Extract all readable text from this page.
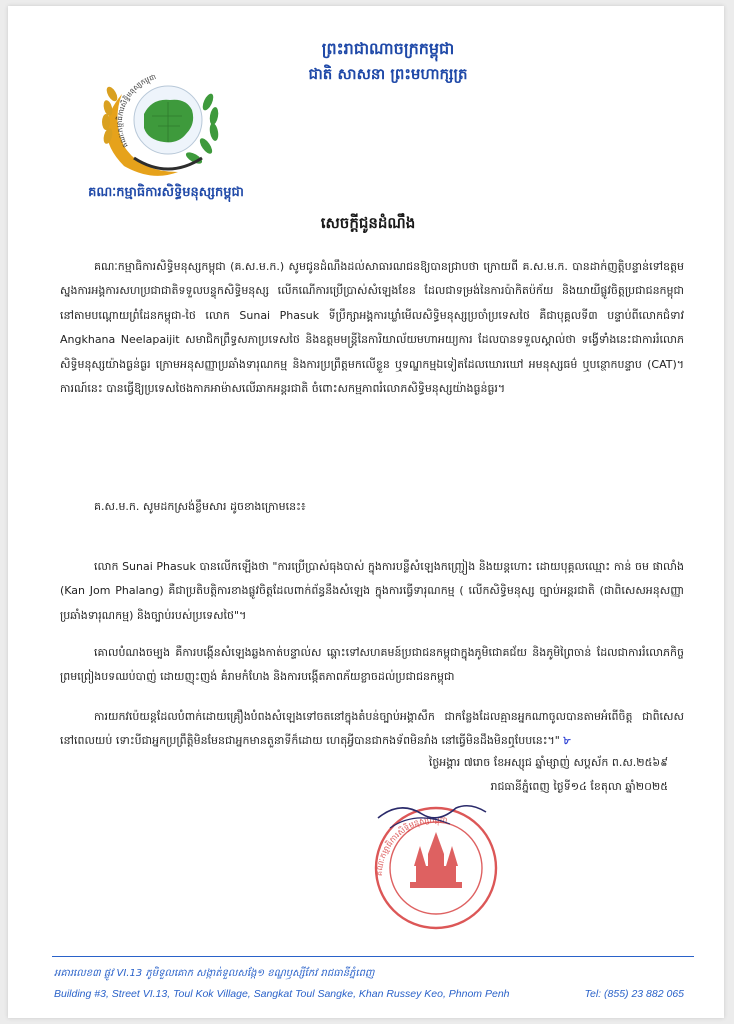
គណៈកម្មាធិការសិទ្ធិមនុស្សកម្ពុជា
គណៈកម្មាធិការសិទ្ធិមនុស្សកម្ពុជា
ព្រះរាជាណាចក្រកម្ពុជា
ជាតិ សាសនា ព្រះមហាក្សត្រ
សេចក្តីជូនដំណឹង

គណៈកម្មាធិការសិទ្ធិមនុស្សកម្ពុជា (គ.ស.ម.ក.) សូមជូនដំណឹងដល់សាធារណជនឱ្យបានជ្រាបថា ក្រោយពី គ.ស.ម.ក. បានដាក់ញត្តិបន្ទាន់ទៅឧត្តមស្នងការអង្គការសហប្រជាជាតិទទួលបន្ទុកសិទ្ធិមនុស្ស លើកណើការប្រើប្រាស់សំឡេងខែន ដែលជាទម្រង់នៃការប៉ាកិតប៉ក័យ និងយាយីផ្លូវចិត្តប្រជាជនកម្ពុជា នៅតាមបណ្តោយព្រំដែនកម្ពុជា-ថៃ លោក Sunai Phasuk ទីប្រឹក្សាអង្គការឃ្លាំមើលសិទ្ធិមនុស្សប្រចាំប្រទេសថៃ គឺជាបុគ្គលទី៣ បន្ទាប់ពីលោកជំទាវ Angkhana Neelapaijit សមាជិកព្រឹទ្ធសភាប្រទេសថៃ និងឧត្តមមន្ត្រីនៃការិយាល័យមហាអយ្យការ ដែលបានទទួលស្គាល់ថា ទង្វើទាំងនេះជាការរំលោភសិទ្ធិមនុស្សយ៉ាងធ្ងន់ធ្ងរ ក្រោមអនុសញ្ញាប្រឆាំងទារុណកម្ម និងការប្រព្រឹត្តមកលើខ្លួន ឬទណ្ឌកម្មឯទៀតដែលឃោរឃៅ អមនុស្សធម៌ ឬបន្ថោកបន្ទាប (CAT)។ ការណ៍នេះ បានធ្វើឱ្យប្រទេសថៃងកាភអាម៉ាសលើឆាកអន្តរជាតិ ចំពោះសកម្មភាពរំលោភសិទ្ធិមនុស្សយ៉ាងធ្ងន់ធ្ងរ។

គ.ស.ម.ក. សូមដកស្រង់ខ្លឹមសារ ដូចខាងក្រោមនេះ៖

លោក Sunai Phasuk បានលើកឡើងថា "ការប្រើប្រាស់ធុងបាស់ ក្នុងការបន្លឺសំឡេងកញ្ជ្រៀង និងយន្តហោះ ដោយបុគ្គលឈ្មោះ កាន់ ចម ផាលាំង (Kan Jom Phalang) គឺជាប្រតិបត្តិការខាងផ្លូវចិត្តដែលពាក់ព័ន្ធនឹងសំឡេង ក្នុងការធ្វើទារុណកម្ម ( លើកសិទ្ធិមនុស្ស ច្បាប់អន្តរជាតិ (ជាពិសេសអនុសញ្ញាប្រឆាំងទារុណកម្ម) និងច្បាប់របស់ប្រទេសថៃ"។

គោលបំណងចម្បង គឺការបង្កើនសំឡេងឆ្លងកាត់បន្ទាល់ស ឆ្ពោះទៅសហគមន៍ប្រជាជនកម្ពុជាក្នុងភូមិជោគជ័យ និងភូមិព្រៃចាន់ ដែលជាការរំលោភកិច្ចព្រមព្រៀងបទឈប់បាញ់ ដោយញុះញង់ គំរាមកំហែង និងការបង្កើតភាពភ័យខ្លាចដល់ប្រជាជនកម្ពុជា

ការយកវប៉េយន្តដែលបំពាក់ដោយគ្រឿងបំពងសំឡេងទៅចតនៅក្នុងតំបន់ច្បាប់អង្គាសឹក ជាកន្លែងដែលគ្មានអ្នកណាចូលបានតាមអំពើចិត្ត ជាពិសេសនៅពេលយប់ ទោះបីជាអ្នកប្រព្រឹត្តិមិនមែនជាអ្នកមានតួនាទីក៏ដោយ ហេតុអ្វីបានជាកងទ័ពមិនរាំង នៅធ្វើមិនដឹងមិនឮបែបនេះ។" ৮

ថ្ងៃអង្គារ ៧រោច ខែអស្សុជ ឆ្នាំម្សាញ់ សប្តស័ក ព.ស.២៥៦៩
រាជធានីភ្នំពេញ ថ្ងៃទី១៤ ខែតុលា ឆ្នាំ២០២៥
គណៈកម្មាធិការសិទ្ធិមនុស្សកម្ពុជា
អគារលេខ៣ ផ្លូវ VI.13 ភូមិទួលគោក សង្កាត់ទួលសង្កែ១ ខណ្ឌឫស្សីកែវ រាជធានីភ្នំពេញ
Building #3, Street VI.13, Toul Kok Village, Sangkat Toul Sangke, Khan Russey Keo, Phnom Penh	Tel: (855) 23 882 065
